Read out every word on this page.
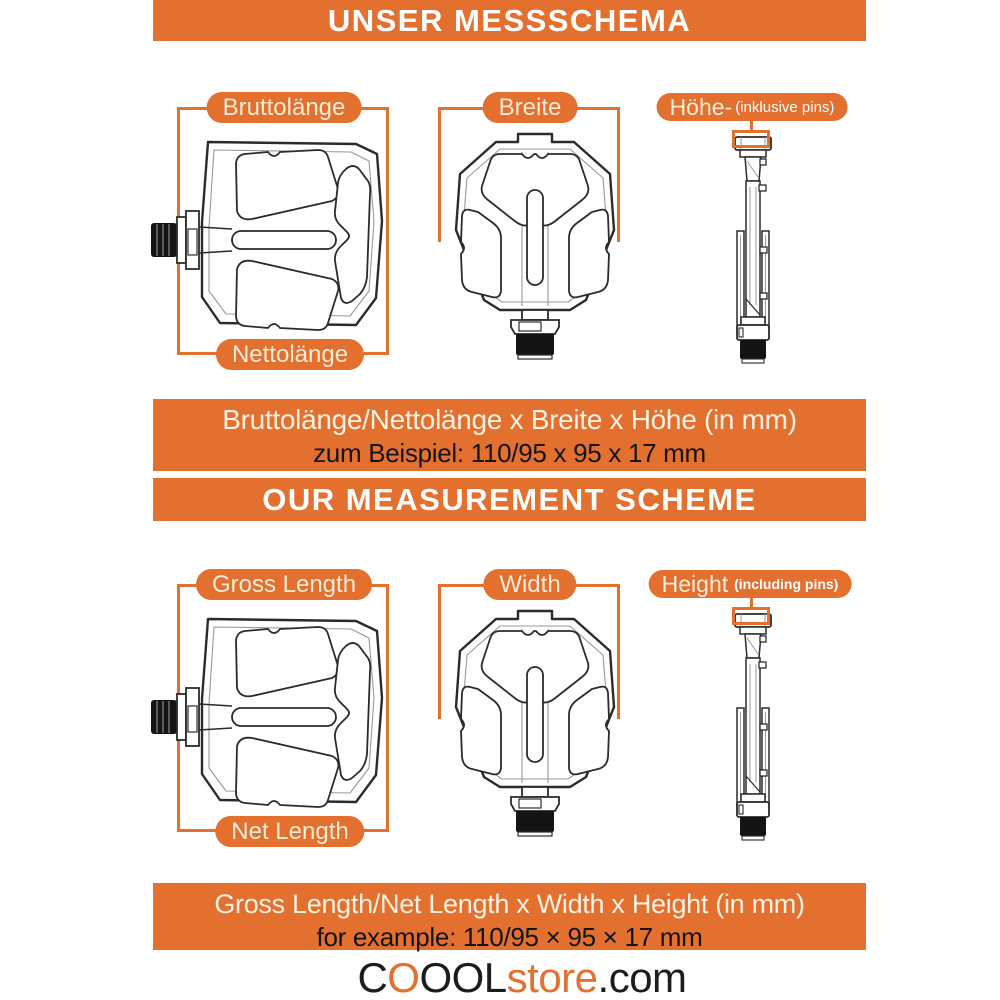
UNSER MESSSCHEMA
Bruttolänge
Nettolänge
Breite	Höhe- (inklusive pins)
Bruttolänge/Nettolänge x Breite x Höhe (in mm)
zum Beispiel: 110/95 x 95 x 17 mm
OUR MEASUREMENT SCHEME
Gross Length
Net Length
Width	Height (including pins)
Gross Length/Net Length x Width x Height (in mm)
for example: 110/95 × 95 × 17 mm
COOOLstore.com
